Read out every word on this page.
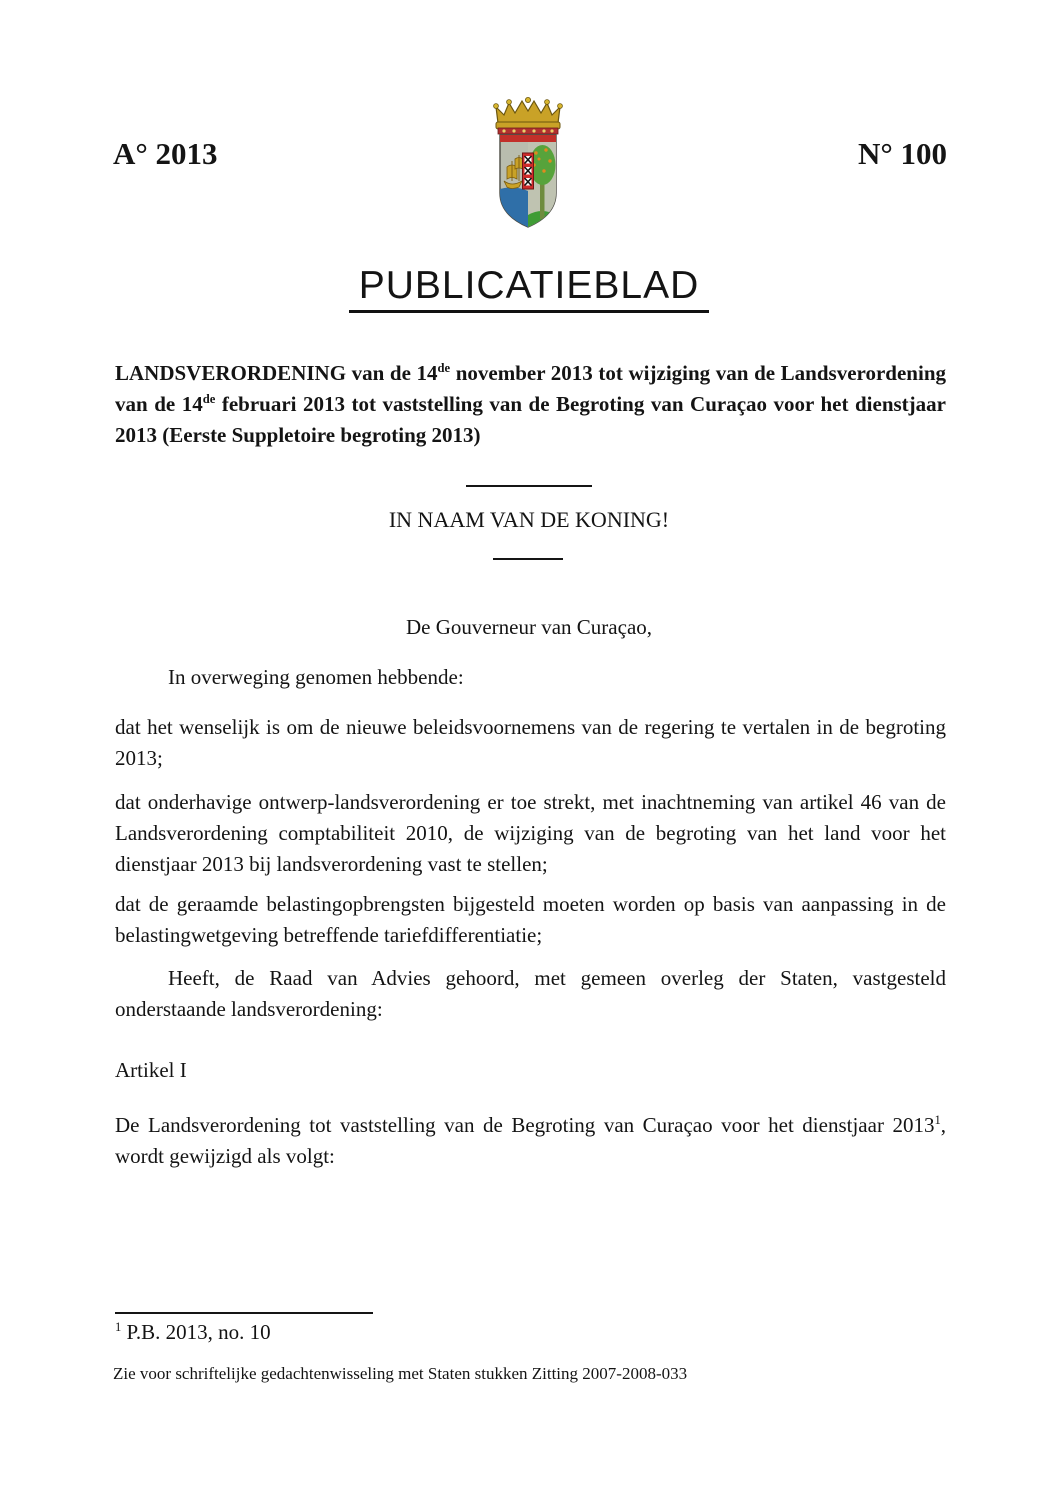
A° 2013	N° 100
PUBLICATIEBLAD
LANDSVERORDENING van de 14de november 2013 tot wijziging van de Landsverordening van de 14de februari 2013 tot vaststelling van de Begroting van Curaçao voor het dienstjaar 2013 (Eerste Suppletoire begroting 2013)
IN NAAM VAN DE KONING!
De Gouverneur van Curaçao,
In overweging genomen hebbende:
dat het wenselijk is om de nieuwe beleidsvoornemens van de regering te vertalen in de begroting 2013;
dat onderhavige ontwerp-landsverordening er toe strekt, met inachtneming van artikel 46 van de Landsverordening comptabiliteit 2010, de wijziging van de begroting van het land voor het dienstjaar 2013 bij landsverordening vast te stellen;
dat de geraamde belastingopbrengsten bijgesteld moeten worden op basis van aanpassing in de belastingwetgeving betreffende tariefdifferentiatie;
Heeft, de Raad van Advies gehoord, met gemeen overleg der Staten, vastgesteld onderstaande landsverordening:
Artikel I
De Landsverordening tot vaststelling van de Begroting van Curaçao voor het dienstjaar 2013$^1$, wordt gewijzigd als volgt:
$^1$ P.B. 2013, no. 10
Zie voor schriftelijke gedachtenwisseling met Staten stukken Zitting 2007-2008-033
